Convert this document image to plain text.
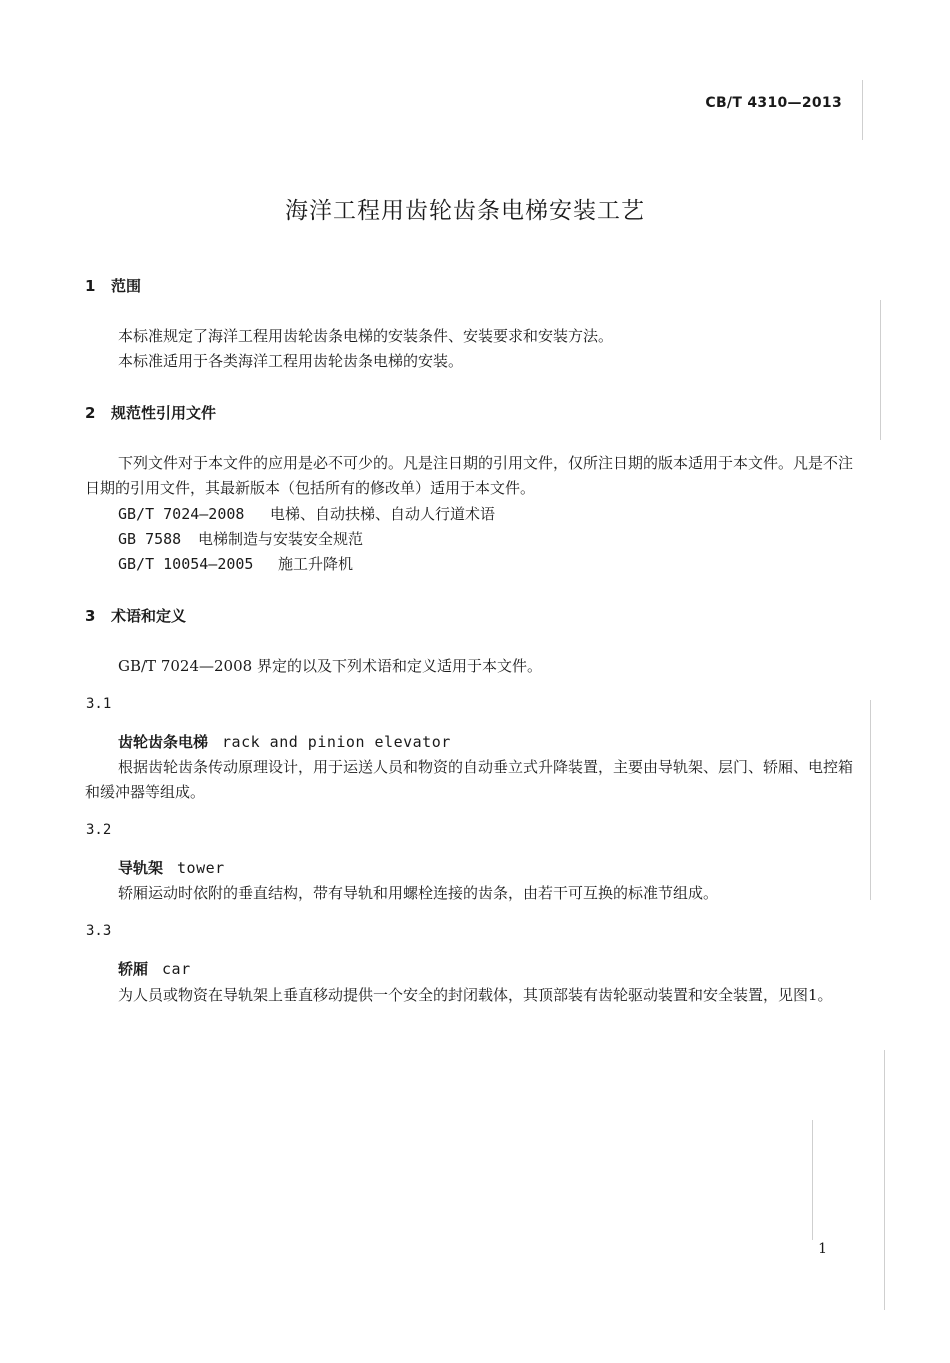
CB/T 4310—2013
海洋工程用齿轮齿条电梯安装工艺
1 范围
本标准规定了海洋工程用齿轮齿条电梯的安装条件、安装要求和安装方法。
本标准适用于各类海洋工程用齿轮齿条电梯的安装。
2 规范性引用文件
下列文件对于本文件的应用是必不可少的。凡是注日期的引用文件，仅所注日期的版本适用于本文件。凡是不注日期的引用文件，其最新版本（包括所有的修改单）适用于本文件。
GB/T 7024—2008 电梯、自动扶梯、自动人行道术语
GB 7588 电梯制造与安装安全规范
GB/T 10054—2005 施工升降机
3 术语和定义
GB/T 7024—2008 界定的以及下列术语和定义适用于本文件。
3.1
齿轮齿条电梯 rack and pinion elevator
根据齿轮齿条传动原理设计，用于运送人员和物资的自动垂立式升降装置，主要由导轨架、层门、轿厢、电控箱和缓冲器等组成。
3.2
导轨架 tower
轿厢运动时依附的垂直结构，带有导轨和用螺栓连接的齿条，由若干可互换的标准节组成。
3.3
轿厢 car
为人员或物资在导轨架上垂直移动提供一个安全的封闭载体，其顶部装有齿轮驱动装置和安全装置，见图1。
1
